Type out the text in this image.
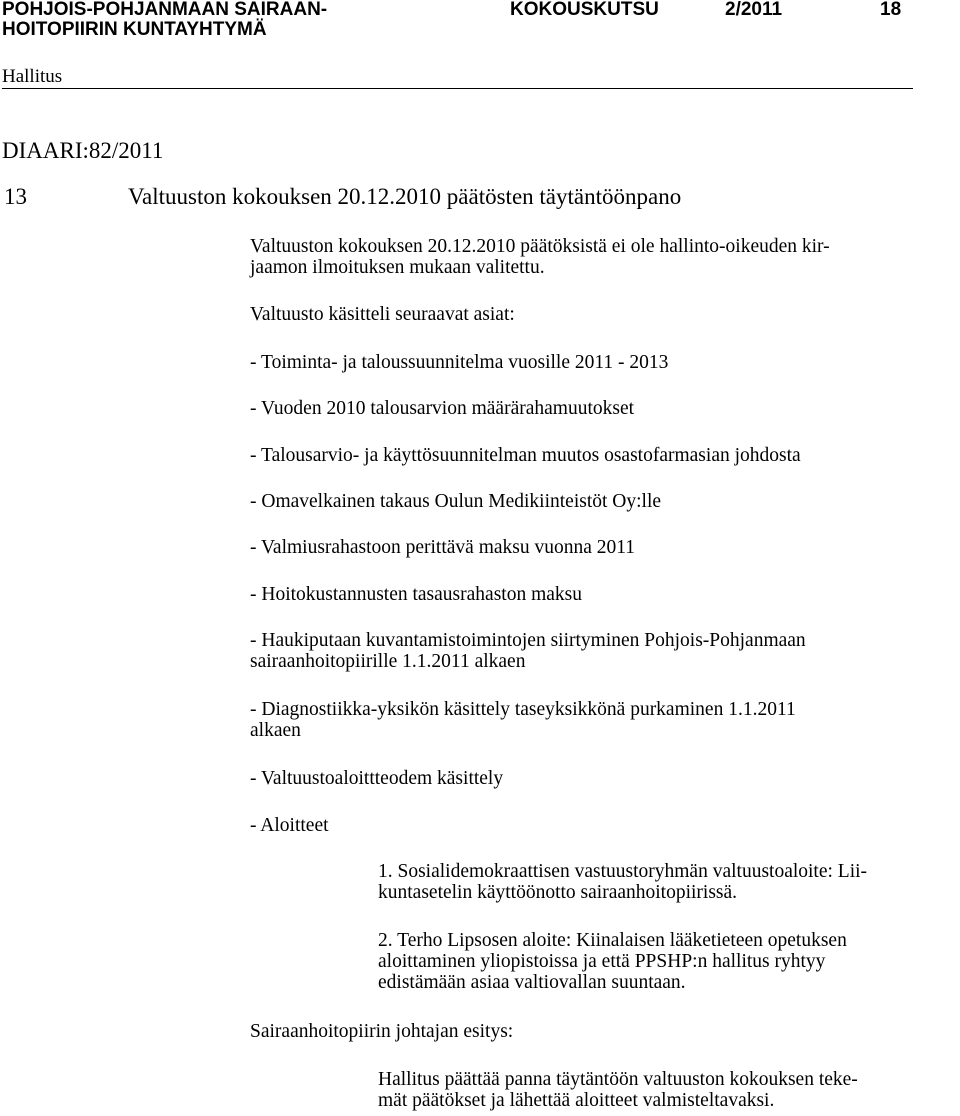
POHJOIS-POHJANMAAN SAIRAAN-
HOITOPIIRIN KUNTAYHTYMÄ
KOKOUSKUTSU	2/2011	18
Hallitus
DIAARI:82/2011
13	Valtuuston kokouksen 20.12.2010 päätösten täytäntöönpano
Valtuuston kokouksen 20.12.2010 päätöksistä ei ole hallinto-oikeuden kir-
jaamon ilmoituksen mukaan valitettu.
Valtuusto käsitteli seuraavat asiat:
- Toiminta- ja taloussuunnitelma vuosille 2011 - 2013
- Vuoden 2010 talousarvion määrärahamuutokset
- Talousarvio- ja käyttösuunnitelman muutos osastofarmasian johdosta
- Omavelkainen takaus Oulun Medikiinteistöt Oy:lle
- Valmiusrahastoon perittävä maksu vuonna 2011
- Hoitokustannusten tasausrahaston maksu
- Haukiputaan kuvantamistoimintojen siirtyminen Pohjois-Pohjanmaan
sairaanhoitopiirille 1.1.2011 alkaen
- Diagnostiikka-yksikön käsittely taseyksikkönä purkaminen 1.1.2011
alkaen
- Valtuustoaloittteodem käsittely
- Aloitteet
1. Sosialidemokraattisen vastuustoryhmän valtuustoaloite: Lii-
kuntasetelin käyttöönotto sairaanhoitopiirissä.
2. Terho Lipsosen aloite: Kiinalaisen lääketieteen opetuksen
aloittaminen yliopistoissa ja että PPSHP:n hallitus ryhtyy
edistämään asiaa valtiovallan suuntaan.
Sairaanhoitopiirin johtajan esitys:
Hallitus päättää panna täytäntöön valtuuston kokouksen teke-
mät päätökset ja lähettää aloitteet valmisteltavaksi.
